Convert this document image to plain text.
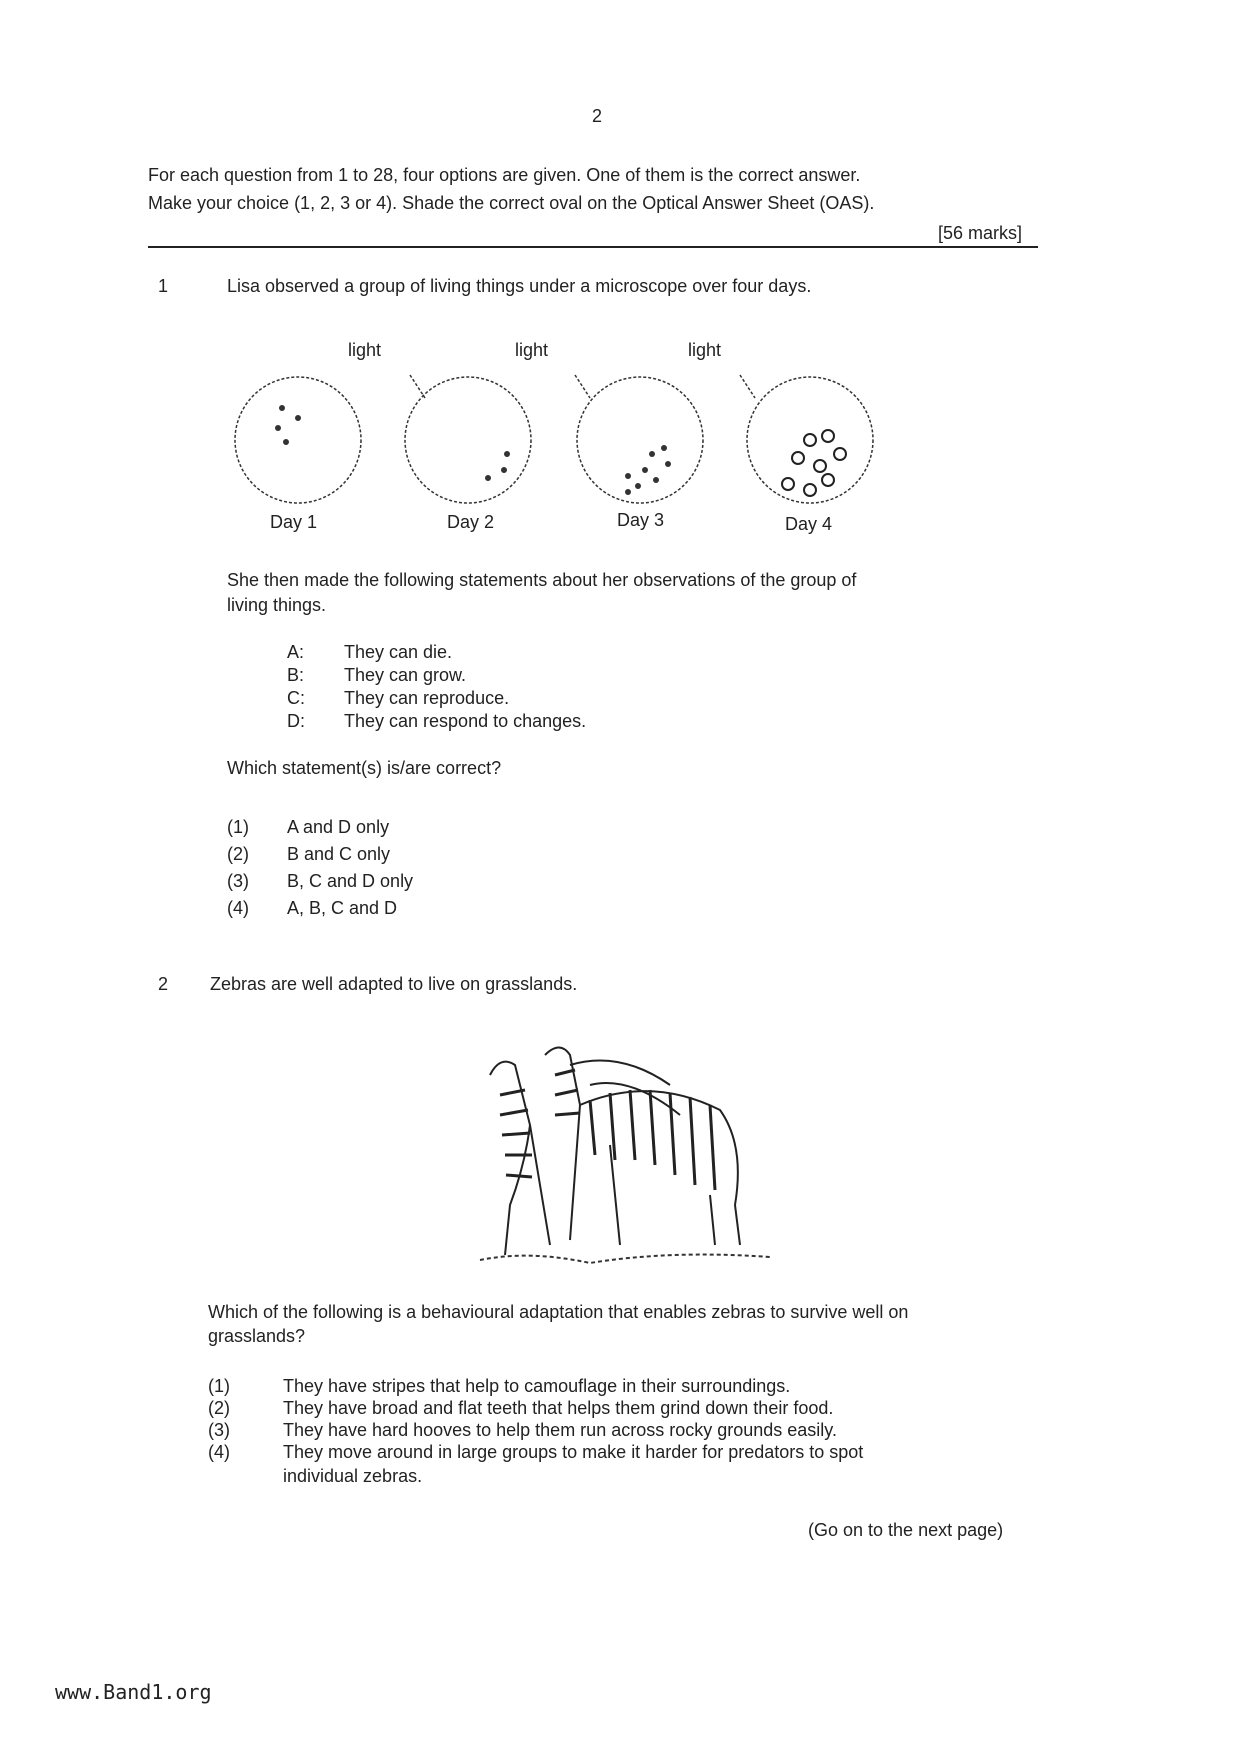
2
For each question from 1 to 28, four options are given. One of them is the correct answer.
Make your choice (1, 2, 3 or 4). Shade the correct oval on the Optical Answer Sheet (OAS).
[56 marks]
1	Lisa observed a group of living things under a microscope over four days.
light	light	light
Day 1	Day 2	Day 3	Day 4
She then made the following statements about her observations of the group of
living things.
A: They can die.
B: They can grow.
C: They can reproduce.
D: They can respond to changes.
Which statement(s) is/are correct?
(1) A and D only
(2) B and C only
(3) B, C and D only
(4) A, B, C and D
2 Zebras are well adapted to live on grasslands.
Which of the following is a behavioural adaptation that enables zebras to survive well on
grasslands?
(1)	They have stripes that help to camouflage in their surroundings.
(2)	They have broad and flat teeth that helps them grind down their food.
(3)	They have hard hooves to help them run across rocky grounds easily.
(4)	They move around in large groups to make it harder for predators to spot
individual zebras.
(Go on to the next page)
www.Band1.org
